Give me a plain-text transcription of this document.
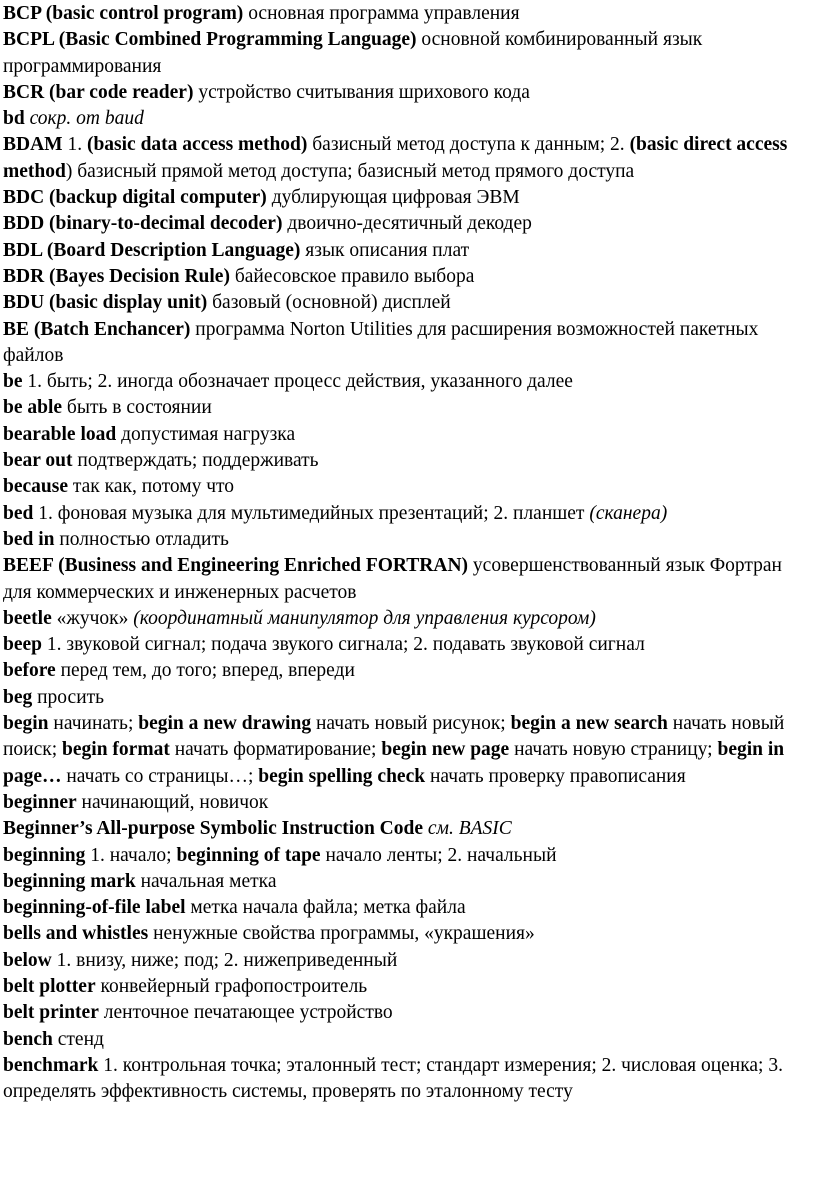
BCP (basic control program) основная программа управления

BCPL (Basic Combined Programming Language) основной комбинированный язык программирования

BCR (bar code reader) устройство считывания шрихового кода

bd сокр. от baud

BDAM 1. (basic data access method) базисный метод доступа к данным; 2. (basic direct access method) базисный прямой метод доступа; базисный метод прямого доступа

BDC (backup digital computer) дублирующая цифровая ЭВМ

BDD (binary-to-decimal decoder) двоично-десятичный декодер

BDL (Board Description Language) язык описания плат

BDR (Bayes Decision Rule) байесовское правило выбора

BDU (basic display unit) базовый (основной) дисплей

BE (Batch Enchancer) программа Norton Utilities для расширения возможностей пакетных файлов

be 1. быть; 2. иногда обозначает процесс действия, указанного далее

be able быть в состоянии

bearable load допустимая нагрузка

bear out подтверждать; поддерживать

because так как, потому что

bed 1. фоновая музыка для мультимедийных презентаций; 2. планшет (сканера)

bed in полностью отладить

BEEF (Business and Engineering Enriched FORTRAN) усовершенствованный язык Фортран для коммерческих и инженерных расчетов

beetle «жучок» (координатный манипулятор для управления курсором)

beep 1. звуковой сигнал; подача звукого сигнала; 2. подавать звуковой сигнал

before перед тем, до того; вперед, впереди

beg просить

begin начинать; begin a new drawing начать новый рисунок; begin a new search начать новый поиск; begin format начать форматирование; begin new page начать новую страницу; begin in page… начать со страницы…; begin spelling check начать проверку правописания

beginner начинающий, новичок

Beginner’s All-purpose Symbolic Instruction Code см. BASIC

beginning 1. начало; beginning of tape начало ленты; 2. начальный

beginning mark начальная метка

beginning-of-file label метка начала файла; метка файла

bells and whistles ненужные свойства программы, «украшения»

below 1. внизу, ниже; под; 2. нижеприведенный

belt plotter конвейерный графопостроитель

belt printer ленточное печатающее устройство

bench стенд

benchmark 1. контрольная точка; эталонный тест; стандарт измерения; 2. числовая оценка; 3. определять эффективность системы, проверять по эталонному тесту
